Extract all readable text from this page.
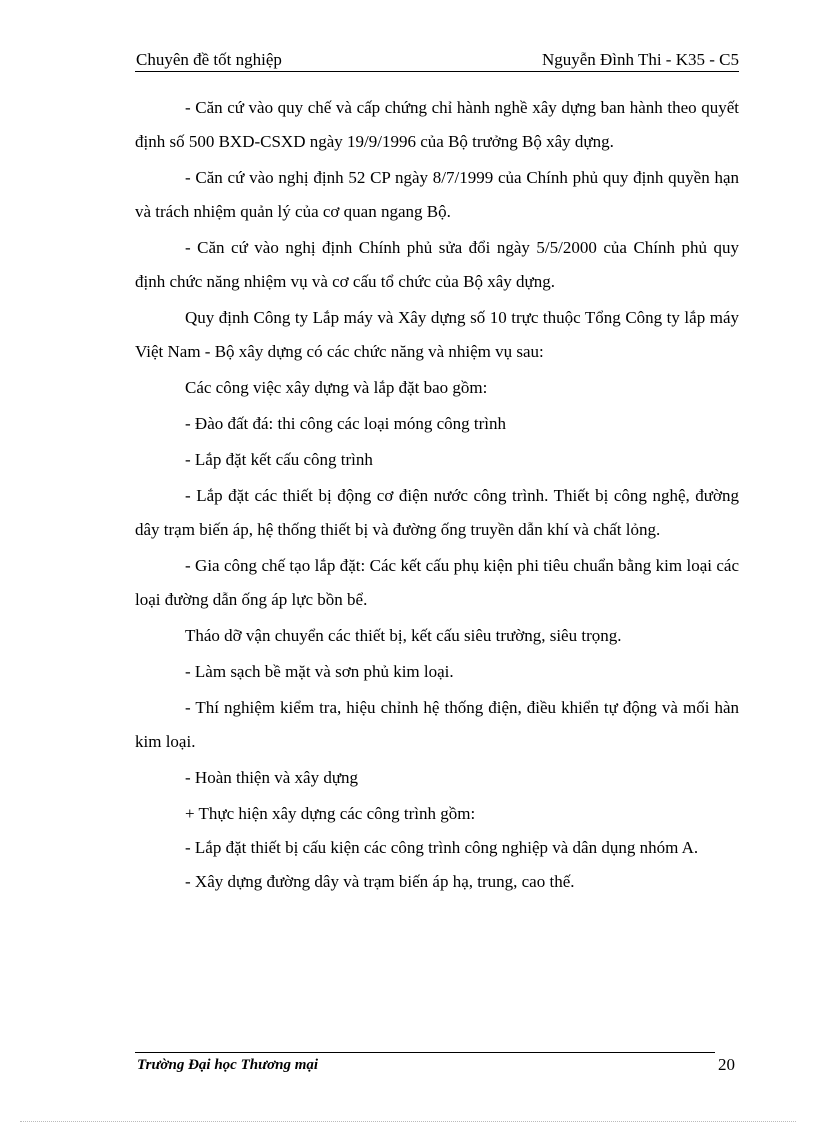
Chuyên đề tốt nghiệp	Nguyễn Đình Thi - K35 - C5

- Căn cứ vào quy chế và cấp chứng chỉ hành nghề xây dựng ban hành theo quyết định số 500 BXD-CSXD ngày 19/9/1996 của Bộ trưởng Bộ xây dựng.

- Căn cứ vào nghị định 52 CP ngày 8/7/1999 của Chính phủ quy định quyền hạn và trách nhiệm quản lý của cơ quan ngang Bộ.

- Căn cứ vào nghị định Chính phủ sửa đổi ngày 5/5/2000 của Chính phủ quy định chức năng nhiệm vụ và cơ cấu tổ chức của Bộ xây dựng.

Quy định Công ty Lắp máy và Xây dựng số 10 trực thuộc Tổng Công ty lắp máy Việt Nam - Bộ xây dựng có các chức năng và nhiệm vụ sau:

Các công việc xây dựng và lắp đặt bao gồm:

- Đào đất đá: thi công các loại móng công trình

- Lắp đặt kết cấu công trình

- Lắp đặt các thiết bị động cơ điện nước công trình. Thiết bị công nghệ, đường dây trạm biến áp, hệ thống thiết bị và đường ống truyền dẫn khí và chất lỏng.

- Gia công chế tạo lắp đặt: Các kết cấu phụ kiện phi tiêu chuẩn bằng kim loại các loại đường dẫn ống áp lực bồn bể.

Tháo dỡ vận chuyển các thiết bị, kết cấu siêu trường, siêu trọng.

- Làm sạch bề mặt và sơn phủ kim loại.

- Thí nghiệm kiểm tra, hiệu chỉnh hệ thống điện, điều khiển tự động và mối hàn kim loại.

- Hoàn thiện và xây dựng

+ Thực hiện xây dựng các công trình gồm:

- Lắp đặt thiết bị cấu kiện các công trình công nghiệp và dân dụng nhóm A.

- Xây dựng đường dây và trạm biến áp hạ, trung, cao thế.

Trường Đại học Thương mại	20
